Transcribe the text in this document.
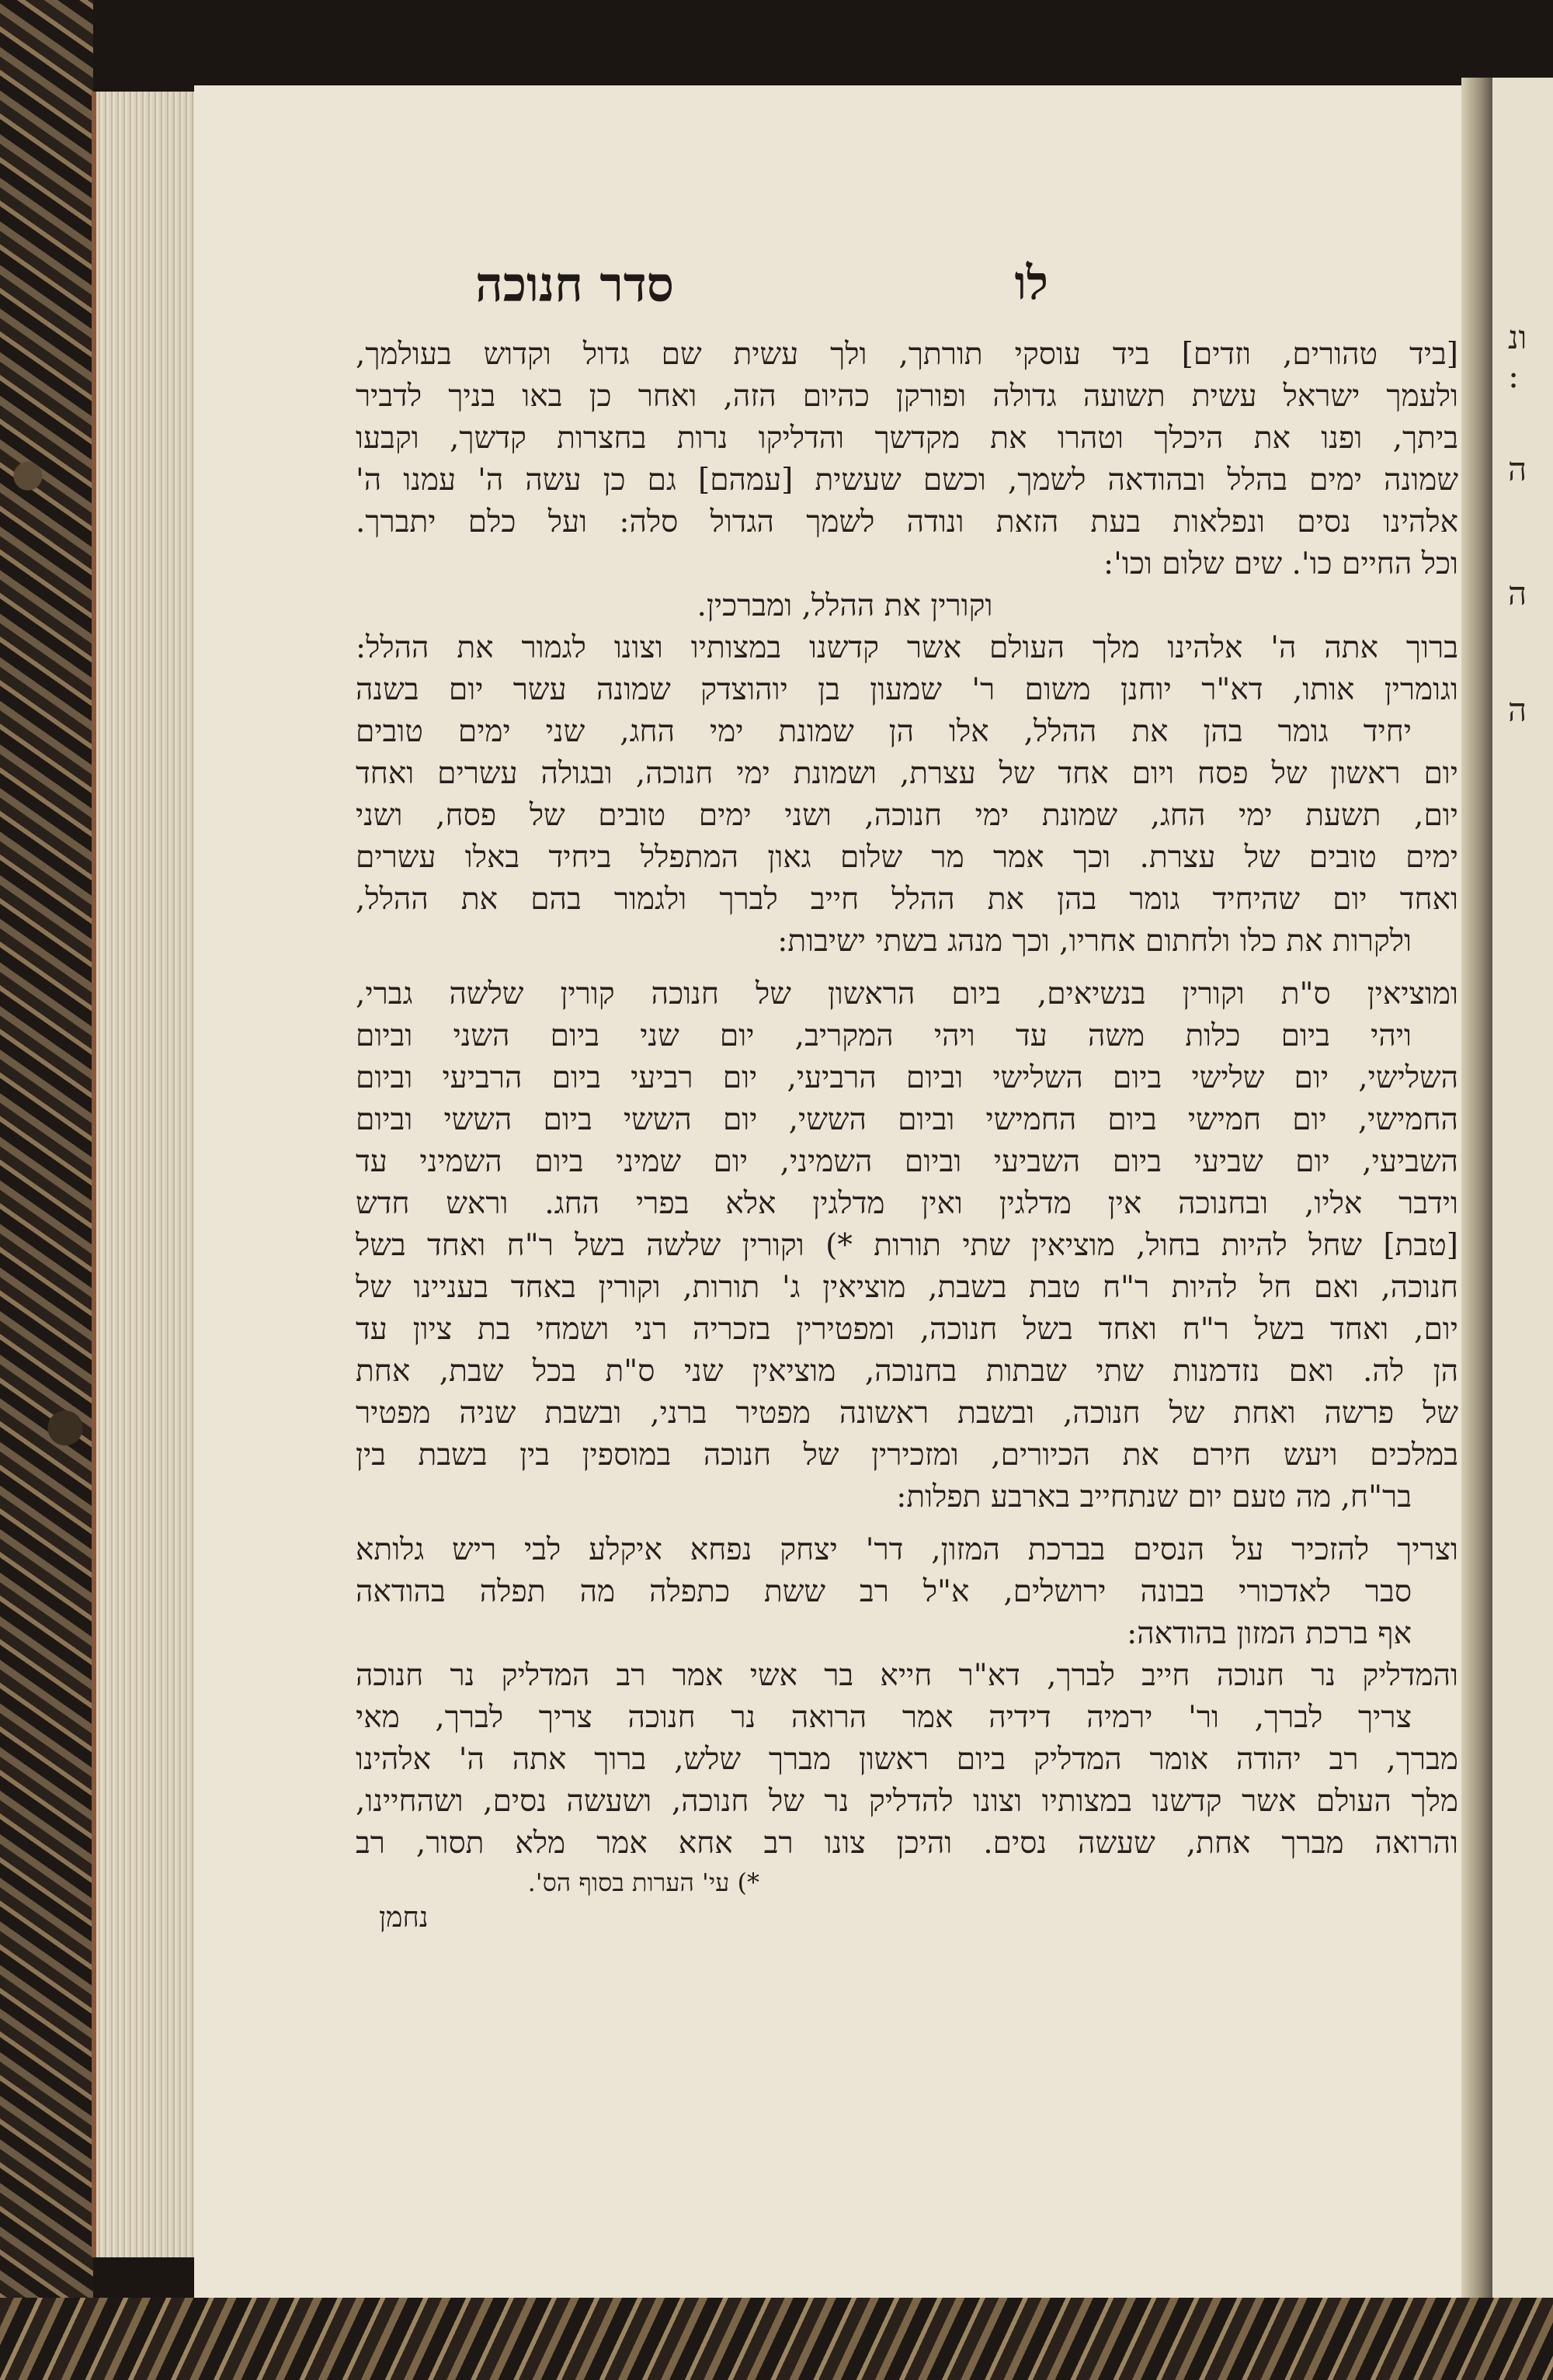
ונ
:
ה
ה
ה
סדר חנוכה	לו
[ביד טהורים, וזדים] ביד עוסקי תורתך, ולך עשית שם גדול וקדוש בעולמך,
ולעמך ישראל עשית תשועה גדולה ופורקן כהיום הזה, ואחר כן באו בניך לדביר
ביתך, ופנו את היכלך וטהרו את מקדשך והדליקו נרות בחצרות קדשך, וקבעו
שמונה ימים בהלל ובהודאה לשמך, וכשם שעשית [עמהם] גם כן עשה ה' עמנו ה'
אלהינו נסים ונפלאות בעת הזאת ונודה לשמך הגדול סלה: ועל כלם יתברך.
וכל החיים כו'. שים שלום וכו':
וקורין את ההלל, ומברכין.
ברוך אתה ה' אלהינו מלך העולם אשר קדשנו במצותיו וצונו לגמור את ההלל:
וגומרין אותו, דא"ר יוחנן משום ר' שמעון בן יוהוצדק שמונה עשר יום בשנה
יחיד גומר בהן את ההלל, אלו הן שמונת ימי החג, שני ימים טובים
יום ראשון של פסח ויום אחד של עצרת, ושמונת ימי חנוכה, ובגולה עשרים ואחד
יום, תשעת ימי החג, שמונת ימי חנוכה, ושני ימים טובים של פסח, ושני
ימים טובים של עצרת. וכך אמר מר שלום גאון המתפלל ביחיד באלו עשרים
ואחד יום שהיחיד גומר בהן את ההלל חייב לברך ולגמור בהם את ההלל,
ולקרות את כלו ולחתום אחריו, וכך מנהג בשתי ישיבות:
ומוציאין ס"ת וקורין בנשיאים, ביום הראשון של חנוכה קורין שלשה גברי,
ויהי ביום כלות משה עד ויהי המקריב, יום שני ביום השני וביום
השלישי, יום שלישי ביום השלישי וביום הרביעי, יום רביעי ביום הרביעי וביום
החמישי, יום חמישי ביום החמישי וביום הששי, יום הששי ביום הששי וביום
השביעי, יום שביעי ביום השביעי וביום השמיני, יום שמיני ביום השמיני עד
וידבר אליו, ובחנוכה אין מדלגין ואין מדלגין אלא בפרי החג. וראש חדש
[טבת] שחל להיות בחול, מוציאין שתי תורות *) וקורין שלשה בשל ר"ח ואחד בשל
חנוכה, ואם חל להיות ר"ח טבת בשבת, מוציאין ג' תורות, וקורין באחד בעניינו של
יום, ואחד בשל ר"ח ואחד בשל חנוכה, ומפטירין בזכריה רני ושמחי בת ציון עד
הן לה. ואם נזדמנות שתי שבתות בחנוכה, מוציאין שני ס"ת בכל שבת, אחת
של פרשה ואחת של חנוכה, ובשבת ראשונה מפטיר ברני, ובשבת שניה מפטיר
במלכים ויעש חירם את הכיורים, ומזכירין של חנוכה במוספין בין בשבת בין
בר"ח, מה טעם יום שנתחייב בארבע תפלות:
וצריך להזכיר על הנסים בברכת המזון, דר' יצחק נפחא איקלע לבי ריש גלותא
סבר לאדכורי בבונה ירושלים, א"ל רב ששת כתפלה מה תפלה בהודאה
אף ברכת המזון בהודאה:
והמדליק נר חנוכה חייב לברך, דא"ר חייא בר אשי אמר רב המדליק נר חנוכה
צריך לברך, ור' ירמיה דידיה אמר הרואה נר חנוכה צריך לברך, מאי
מברך, רב יהודה אומר המדליק ביום ראשון מברך שלש, ברוך אתה ה' אלהינו
מלך העולם אשר קדשנו במצותיו וצונו להדליק נר של חנוכה, ושעשה נסים, ושהחיינו,
והרואה מברך אחת, שעשה נסים. והיכן צונו רב אחא אמר מלא תסור, רב
*) עי' הערות בסוף הס'.
נחמן
